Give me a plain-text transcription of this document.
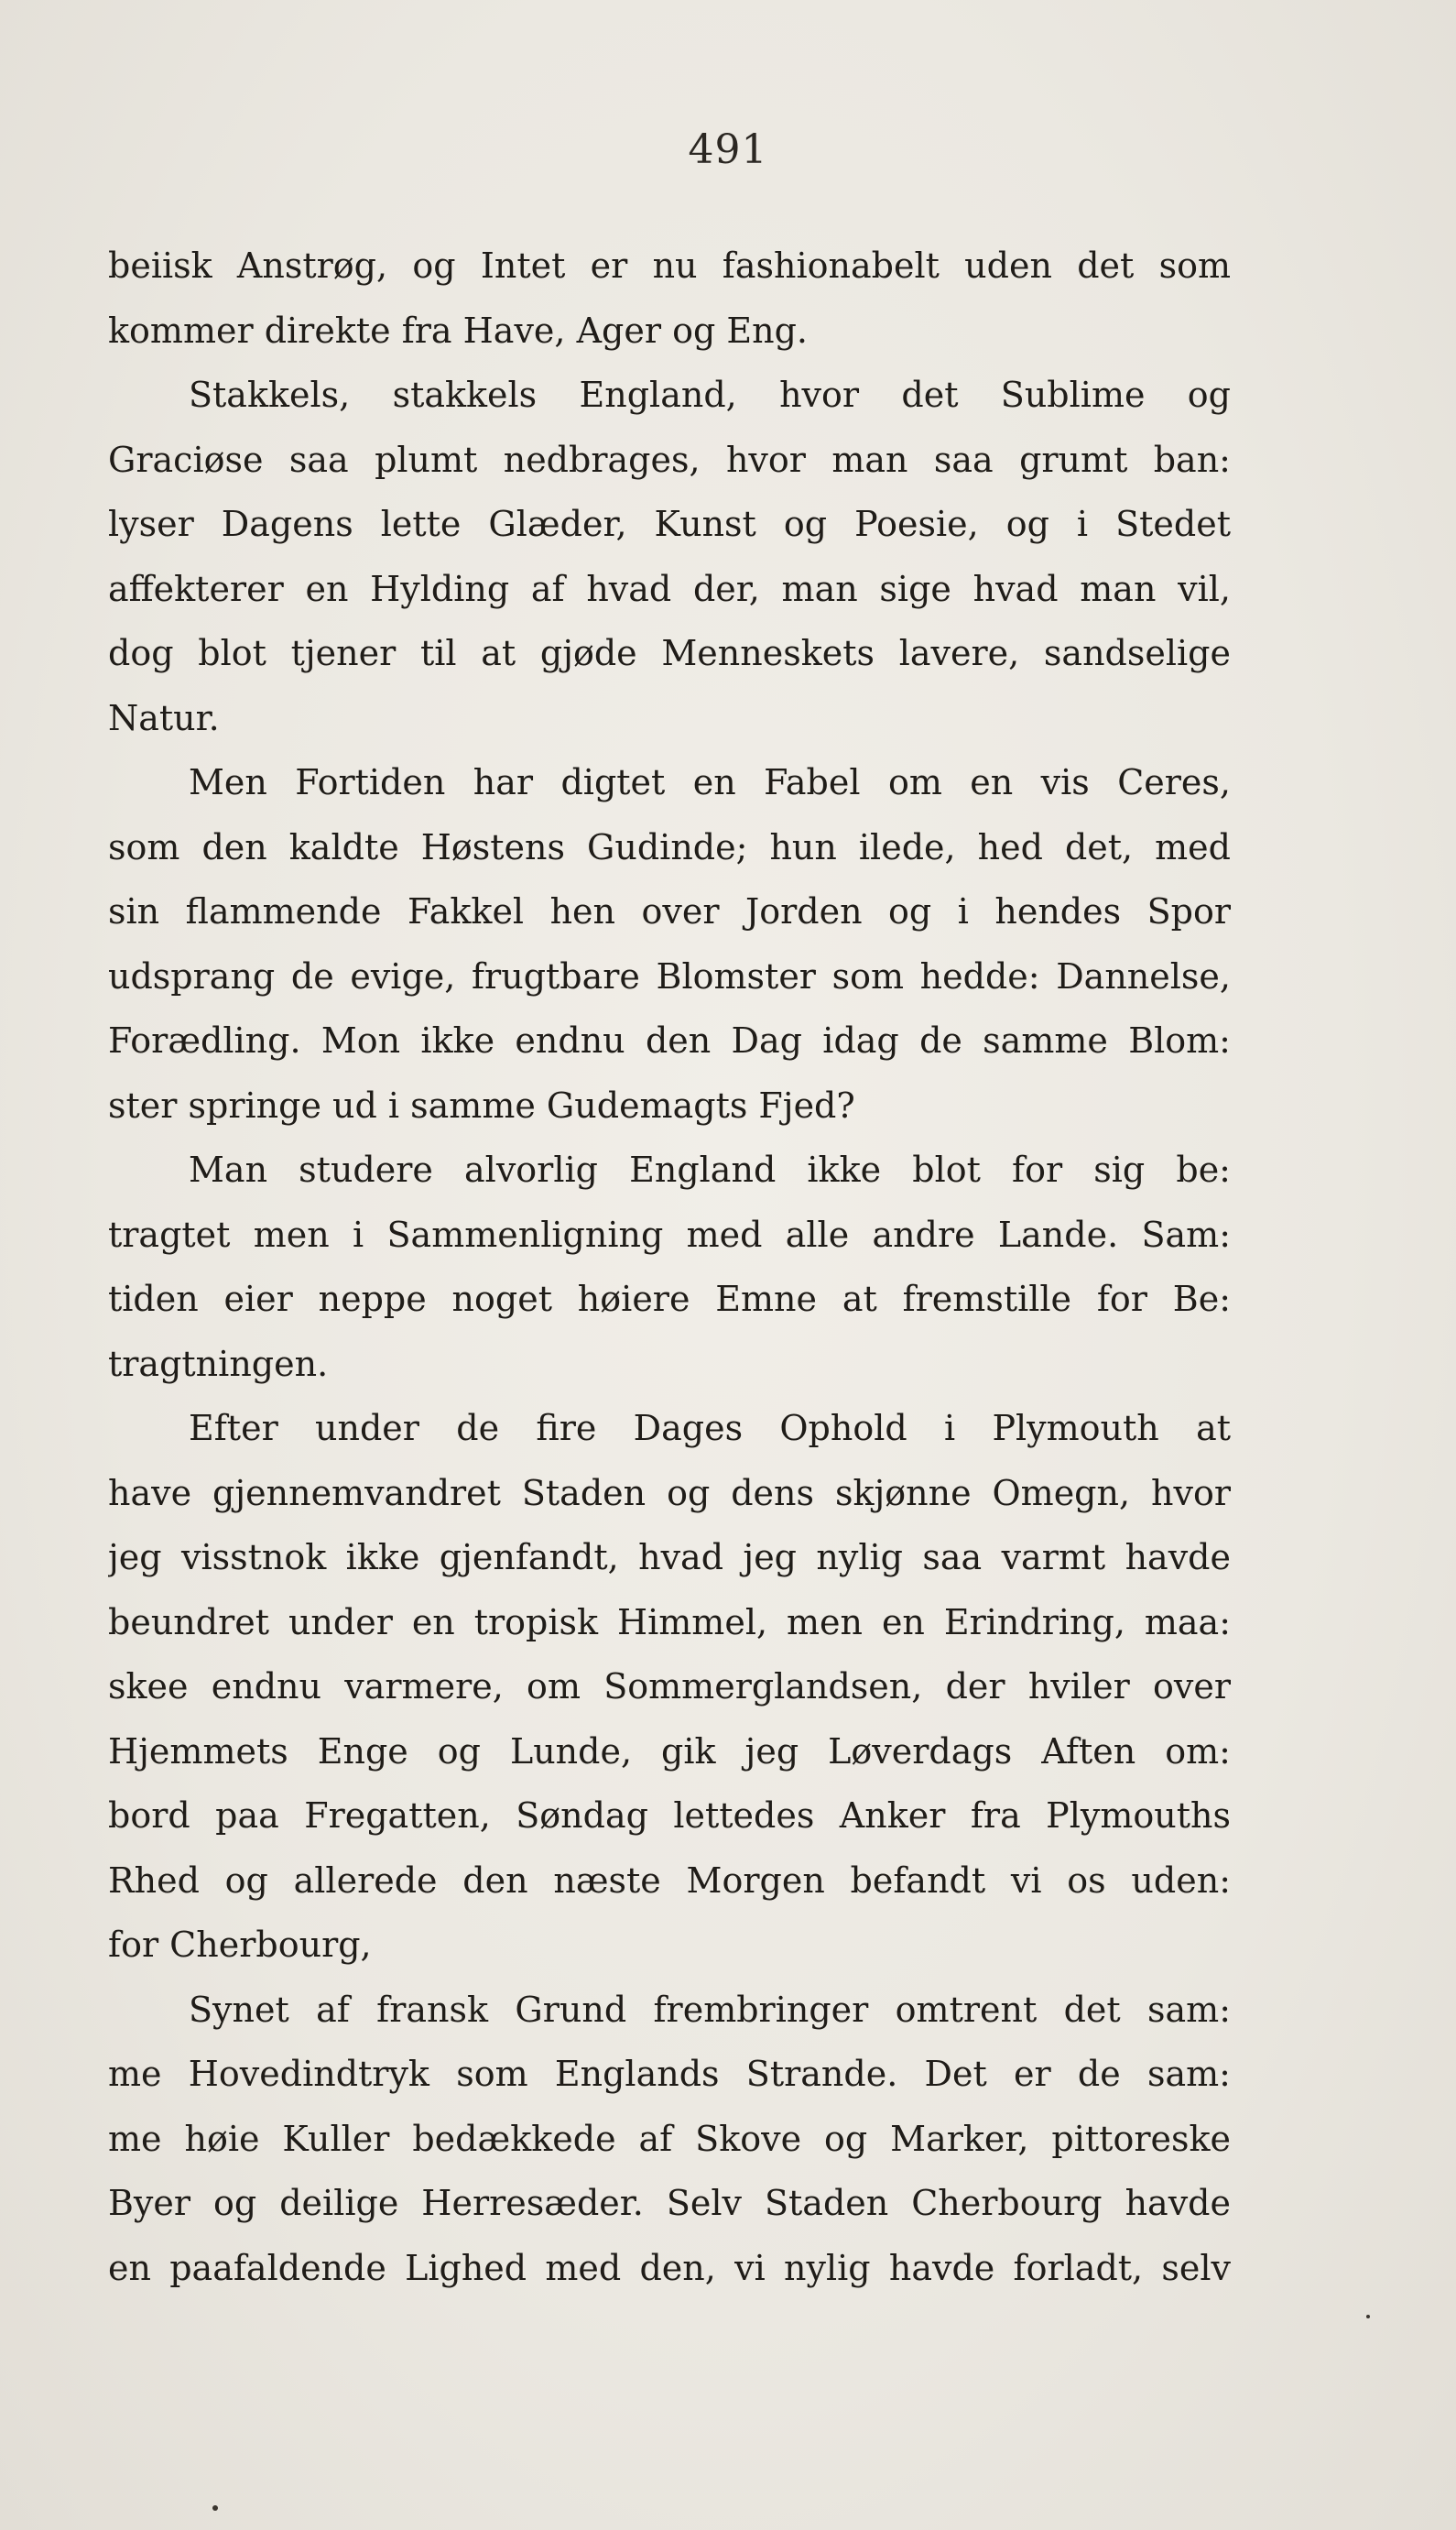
491
beiisk Anstrøg, og Intet er nu fashionabelt uden det som
kommer direkte fra Have, Ager og Eng.
Stakkels, stakkels England, hvor det Sublime og
Graciøse saa plumt nedbrages, hvor man saa grumt ban:
lyser Dagens lette Glæder, Kunst og Poesie, og i Stedet
affekterer en Hylding af hvad der, man sige hvad man vil,
dog blot tjener til at gjøde Menneskets lavere, sandselige
Natur.
Men Fortiden har digtet en Fabel om en vis Ceres,
som den kaldte Høstens Gudinde; hun ilede, hed det, med
sin flammende Fakkel hen over Jorden og i hendes Spor
udsprang de evige, frugtbare Blomster som hedde: Dannelse,
Forædling. Mon ikke endnu den Dag idag de samme Blom:
ster springe ud i samme Gudemagts Fjed?
Man studere alvorlig England ikke blot for sig be:
tragtet men i Sammenligning med alle andre Lande. Sam:
tiden eier neppe noget høiere Emne at fremstille for Be:
tragtningen.
Efter under de fire Dages Ophold i Plymouth at
have gjennemvandret Staden og dens skjønne Omegn, hvor
jeg visstnok ikke gjenfandt, hvad jeg nylig saa varmt havde
beundret under en tropisk Himmel, men en Erindring, maa:
skee endnu varmere, om Sommerglandsen, der hviler over
Hjemmets Enge og Lunde, gik jeg Løverdags Aften om:
bord paa Fregatten, Søndag lettedes Anker fra Plymouths
Rhed og allerede den næste Morgen befandt vi os uden:
for Cherbourg,
Synet af fransk Grund frembringer omtrent det sam:
me Hovedindtryk som Englands Strande. Det er de sam:
me høie Kuller bedækkede af Skove og Marker, pittoreske
Byer og deilige Herresæder. Selv Staden Cherbourg havde
en paafaldende Lighed med den, vi nylig havde forladt, selv
